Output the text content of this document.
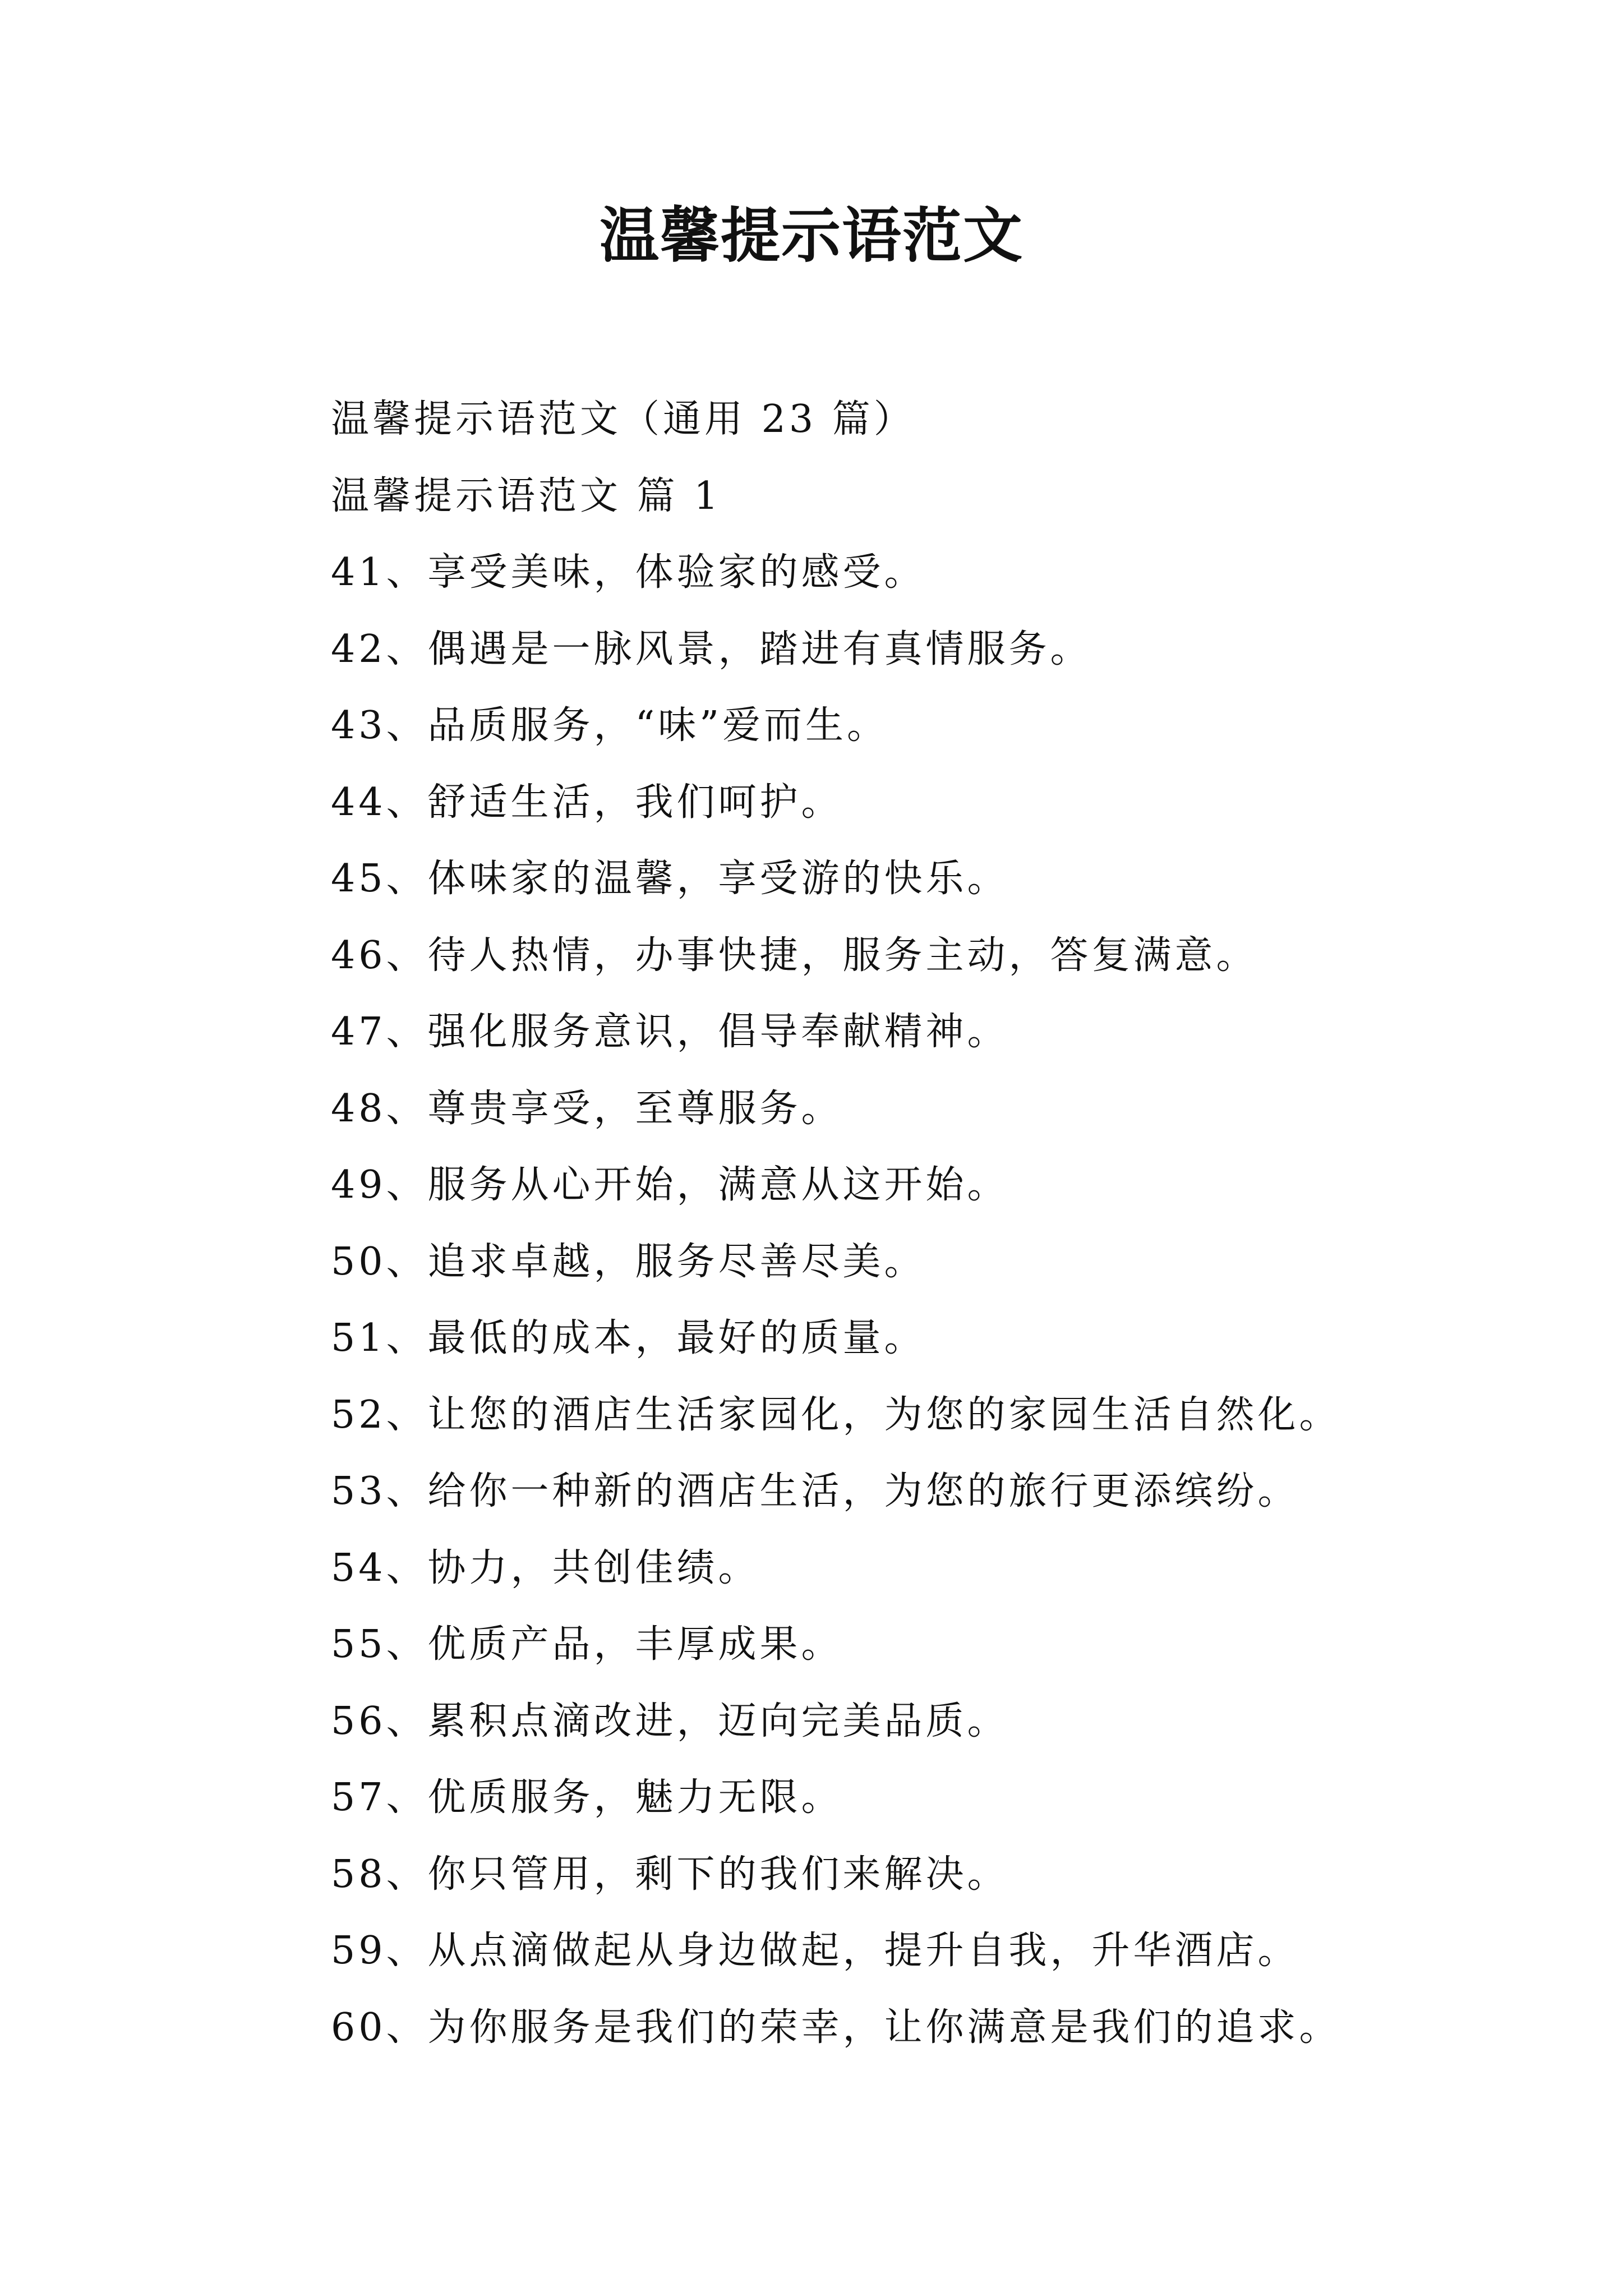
温馨提示语范文
温馨提示语范文（通用 23 篇）
温馨提示语范文 篇 1
41、享受美味，体验家的感受。
42、偶遇是一脉风景，踏进有真情服务。
43、品质服务，“味”爱而生。
44、舒适生活，我们呵护。
45、体味家的温馨，享受游的快乐。
46、待人热情，办事快捷，服务主动，答复满意。
47、强化服务意识，倡导奉献精神。
48、尊贵享受，至尊服务。
49、服务从心开始，满意从这开始。
50、追求卓越，服务尽善尽美。
51、最低的成本，最好的质量。
52、让您的酒店生活家园化，为您的家园生活自然化。
53、给你一种新的酒店生活，为您的旅行更添缤纷。
54、协力，共创佳绩。
55、优质产品，丰厚成果。
56、累积点滴改进，迈向完美品质。
57、优质服务，魅力无限。
58、你只管用，剩下的我们来解决。
59、从点滴做起从身边做起，提升自我，升华酒店。
60、为你服务是我们的荣幸，让你满意是我们的追求。
